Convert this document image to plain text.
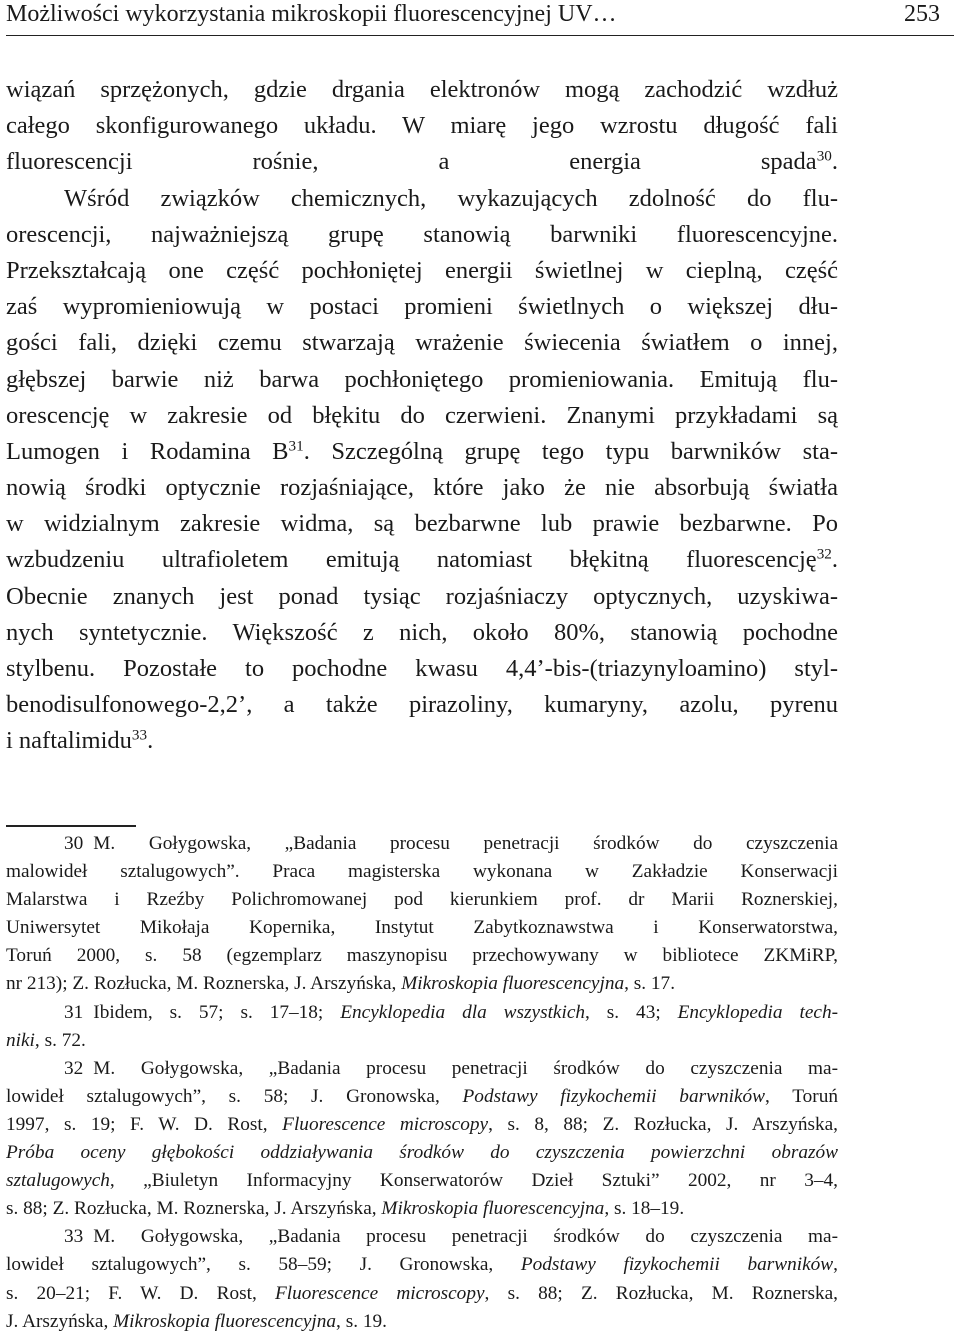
Możliwości wykorzystania mikroskopii fluorescencyjnej UV…	253
wiązań sprzężonych, gdzie drgania elektronów mogą zachodzić wzdłuż
całego skonfigurowanego układu. W miarę jego wzrostu długość fali
fluorescencji rośnie, a energia spada$^{30}$.
Wśród związków chemicznych, wykazujących zdolność do flu-
orescencji, najważniejszą grupę stanowią barwniki fluorescencyjne.
Przekształcają one część pochłoniętej energii świetlnej w cieplną, część
zaś wypromieniowują w postaci promieni świetlnych o większej dłu-
gości fali, dzięki czemu stwarzają wrażenie świecenia światłem o innej,
głębszej barwie niż barwa pochłoniętego promieniowania. Emitują flu-
orescencję w zakresie od błękitu do czerwieni. Znanymi przykładami są
Lumogen i Rodamina $B^{31}$. Szczególną grupę tego typu barwników sta-
nowią środki optycznie rozjaśniające, które jako że nie absorbują światła
w widzialnym zakresie widma, są bezbarwne lub prawie bezbarwne. Po
wzbudzeniu ultrafioletem emitują natomiast błękitną fluorescencję$^{32}$.
Obecnie znanych jest ponad tysiąc rozjaśniaczy optycznych, uzyskiwa-
nych syntetycznie. Większość z nich, około 80%, stanowią pochodne
stylbenu. Pozostałe to pochodne kwasu 4,4’-bis-(triazynyloamino) styl-
benodisulfonowego-2,2’, a także pirazoliny, kumaryny, azolu, pyrenu
i naftalimidu$^{33}$.
30 M. Gołygowska, „Badania procesu penetracji środków do czyszczenia
malowideł sztalugowych”. Praca magisterska wykonana w Zakładzie Konserwacji
Malarstwa i Rzeźby Polichromowanej pod kierunkiem prof. dr Marii Roznerskiej,
Uniwersytet Mikołaja Kopernika, Instytut Zabytkoznawstwa i Konserwatorstwa,
Toruń 2000, s. 58 (egzemplarz maszynopisu przechowywany w bibliotece ZKMiRP,
nr 213); Z. Rozłucka, M. Roznerska, J. Arszyńska, Mikroskopia fluorescencyjna, s. 17.
31 Ibidem, s. 57; s. 17–18; Encyklopedia dla wszystkich, s. 43; Encyklopedia tech-
niki, s. 72.
32 M. Gołygowska, „Badania procesu penetracji środków do czyszczenia ma-
lowideł sztalugowych”, s. 58; J. Gronowska, Podstawy fizykochemii barwników, Toruń
1997, s. 19; F. W. D. Rost, Fluorescence microscopy, s. 8, 88; Z. Rozłucka, J. Arszyńska,
Próba oceny głębokości oddziaływania środków do czyszczenia powierzchni obrazów
sztalugowych, „Biuletyn Informacyjny Konserwatorów Dzieł Sztuki” 2002, nr 3–4,
s. 88; Z. Rozłucka, M. Roznerska, J. Arszyńska, Mikroskopia fluorescencyjna, s. 18–19.
33 M. Gołygowska, „Badania procesu penetracji środków do czyszczenia ma-
lowideł sztalugowych”, s. 58–59; J. Gronowska, Podstawy fizykochemii barwników,
s. 20–21; F. W. D. Rost, Fluorescence microscopy, s. 88; Z. Rozłucka, M. Roznerska,
J. Arszyńska, Mikroskopia fluorescencyjna, s. 19.
